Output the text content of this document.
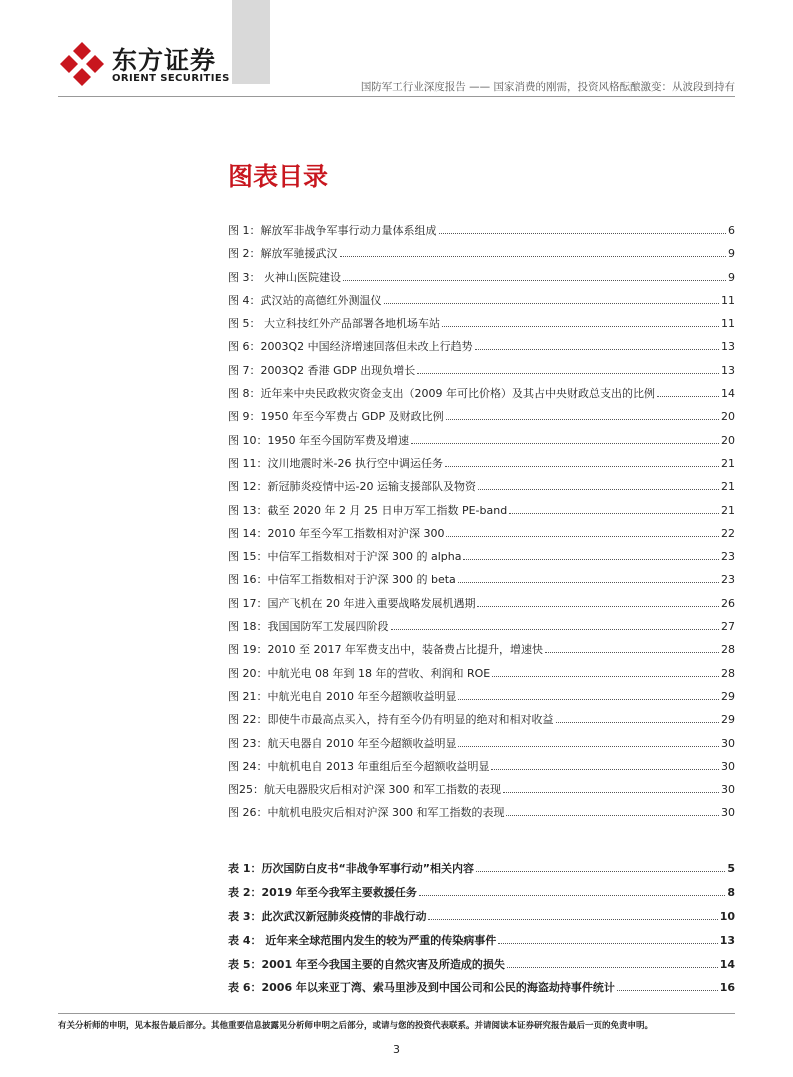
东方证券
ORIENT SECURITIES
国防军工行业深度报告 —— 国家消费的刚需，投资风格酝酿激变：从波段到持有
图表目录
图 1：解放军非战争军事行动力量体系组成	6
图 2：解放军驰援武汉	9
图 3： 火神山医院建设	9
图 4：武汉站的高德红外测温仪	11
图 5： 大立科技红外产品部署各地机场车站	11
图 6：2003Q2 中国经济增速回落但未改上行趋势	13
图 7：2003Q2 香港 GDP 出现负增长	13
图 8：近年来中央民政救灾资金支出（2009 年可比价格）及其占中央财政总支出的比例	14
图 9：1950 年至今军费占 GDP 及财政比例	20
图 10：1950 年至今国防军费及增速	20
图 11：汶川地震时米-26 执行空中调运任务	21
图 12：新冠肺炎疫情中运-20 运输支援部队及物资	21
图 13：截至 2020 年 2 月 25 日申万军工指数 PE-band	21
图 14：2010 年至今军工指数相对沪深 300	22
图 15：中信军工指数相对于沪深 300 的 alpha	23
图 16：中信军工指数相对于沪深 300 的 beta	23
图 17：国产飞机在 20 年进入重要战略发展机遇期	26
图 18：我国国防军工发展四阶段	27
图 19：2010 至 2017 年军费支出中，装备费占比提升，增速快	28
图 20：中航光电 08 年到 18 年的营收、利润和 ROE	28
图 21：中航光电自 2010 年至今超额收益明显	29
图 22：即使牛市最高点买入，持有至今仍有明显的绝对和相对收益	29
图 23：航天电器自 2010 年至今超额收益明显	30
图 24：中航机电自 2013 年重组后至今超额收益明显	30
图25：航天电器股灾后相对沪深 300 和军工指数的表现	30
图 26：中航机电股灾后相对沪深 300 和军工指数的表现	30
表 1：历次国防白皮书“非战争军事行动”相关内容	5
表 2：2019 年至今我军主要救援任务	8
表 3：此次武汉新冠肺炎疫情的非战行动	10
表 4： 近年来全球范围内发生的较为严重的传染病事件	13
表 5：2001 年至今我国主要的自然灾害及所造成的损失	14
表 6：2006 年以来亚丁湾、索马里涉及到中国公司和公民的海盗劫持事件统计	16
有关分析师的申明，见本报告最后部分。其他重要信息披露见分析师申明之后部分，或请与您的投资代表联系。并请阅读本证券研究报告最后一页的免责申明。
3
